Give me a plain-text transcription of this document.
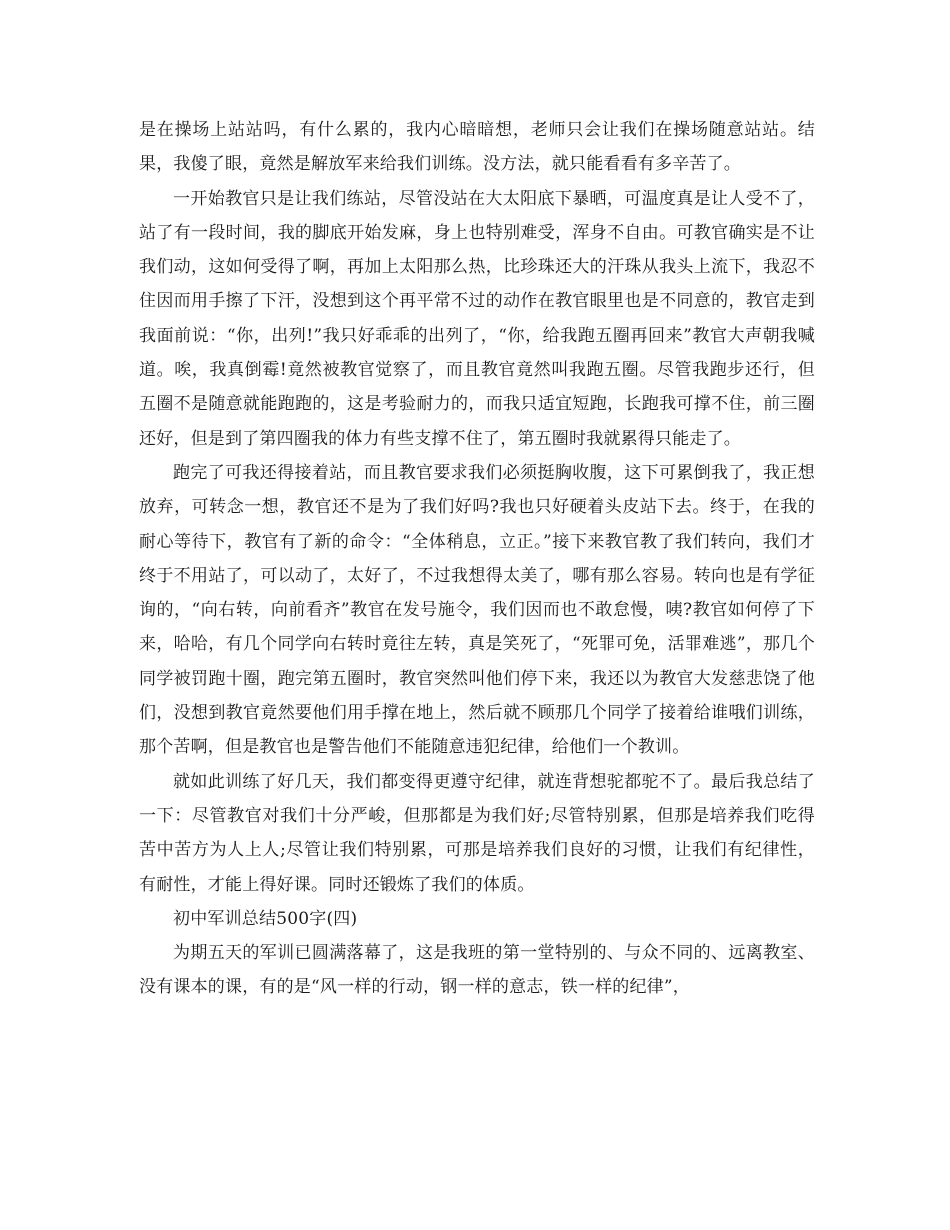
是在操场上站站吗，有什么累的，我内心暗暗想，老师只会让我们在操场随意站站。结果，我傻了眼，竟然是解放军来给我们训练。没方法，就只能看看有多辛苦了。

一开始教官只是让我们练站，尽管没站在大太阳底下暴晒，可温度真是让人受不了，站了有一段时间，我的脚底开始发麻，身上也特别难受，浑身不自由。可教官确实是不让我们动，这如何受得了啊，再加上太阳那么热，比珍珠还大的汗珠从我头上流下，我忍不住因而用手擦了下汗，没想到这个再平常不过的动作在教官眼里也是不同意的，教官走到我面前说：“你，出列!”我只好乖乖的出列了，“你，给我跑五圈再回来”教官大声朝我喊道。唉，我真倒霉!竟然被教官觉察了，而且教官竟然叫我跑五圈。尽管我跑步还行，但五圈不是随意就能跑跑的，这是考验耐力的，而我只适宜短跑，长跑我可撑不住，前三圈还好，但是到了第四圈我的体力有些支撑不住了，第五圈时我就累得只能走了。

跑完了可我还得接着站，而且教官要求我们必须挺胸收腹，这下可累倒我了，我正想放弃，可转念一想，教官还不是为了我们好吗?我也只好硬着头皮站下去。终于，在我的耐心等待下，教官有了新的命令：“全体稍息，立正。”接下来教官教了我们转向，我们才终于不用站了，可以动了，太好了，不过我想得太美了，哪有那么容易。转向也是有学征询的，“向右转，向前看齐”教官在发号施令，我们因而也不敢怠慢，咦?教官如何停了下来，哈哈，有几个同学向右转时竟往左转，真是笑死了，“死罪可免，活罪难逃”，那几个同学被罚跑十圈，跑完第五圈时，教官突然叫他们停下来，我还以为教官大发慈悲饶了他们，没想到教官竟然要他们用手撑在地上，然后就不顾那几个同学了接着给谁哦们训练，那个苦啊，但是教官也是警告他们不能随意违犯纪律，给他们一个教训。

就如此训练了好几天，我们都变得更遵守纪律，就连背想驼都驼不了。最后我总结了一下：尽管教官对我们十分严峻，但那都是为我们好;尽管特别累，但那是培养我们吃得苦中苦方为人上人;尽管让我们特别累，可那是培养我们良好的习惯，让我们有纪律性，有耐性，才能上得好课。同时还锻炼了我们的体质。

初中军训总结500字(四)

为期五天的军训已圆满落幕了，这是我班的第一堂特别的、与众不同的、远离教室、没有课本的课，有的是“风一样的行动，钢一样的意志，铁一样的纪律”，
